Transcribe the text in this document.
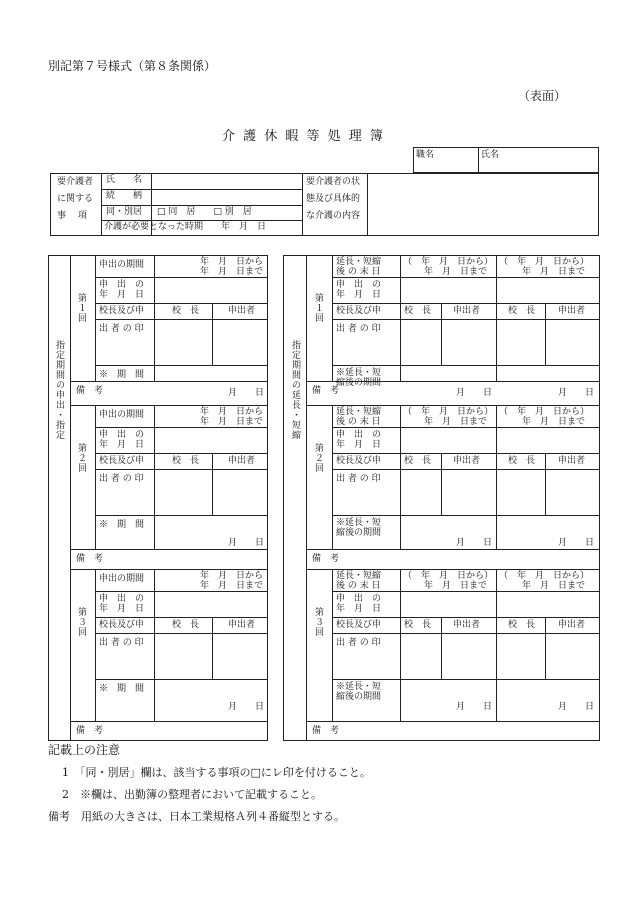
別記第７号様式（第８条関係）
（表面）
介 護 休 暇 等 処 理 簿
職名	氏名
要介護者
に関する
事　 項
氏　　名
続　　柄
同・別居 □ 同　居　　□ 別　居
介護が必要となった時期　　年　月　日
要介護者の状
態及び具体的
な介護の内容
指定期間の申出・指定	指定期間の延長・短縮
第１回
申出の期間	年　月　日から
年　月　日まで
申　出　の
年　月　日
校長及び申
出 者 の 印
校　長	申出者
※　期　間
月　　日
備　考
第１回
延長・短縮
後 の 末 日
（　年　月　日から）
年　月　日まで
（　年　月　日から）
年　月　日まで
申　出　の
年　月　日
校長及び申
出 者 の 印
校　長 申出者	校　長	申出者
※延長・短
縮後の期間
月　　日	月　　日
備　考
第２回
申出の期間	年　月　日から
年　月　日まで
申　出　の
年　月　日
校長及び申
出 者 の 印
校　長	申出者
※　期　間
月　　日
備　考
第２回
延長・短縮
後 の 末 日
（　年　月　日から）
年　月　日まで
（　年　月　日から）
年　月　日まで
申　出　の
年　月　日
校長及び申
出 者 の 印
校　長 申出者	校　長	申出者
※延長・短
縮後の期間
月　　日	月　　日
備　考
第３回
申出の期間	年　月　日から
年　月　日まで
申　出　の
年　月　日
校長及び申
出 者 の 印
校　長	申出者
※　期　間
月　　日
備　考
第３回
延長・短縮
後 の 末 日
（　年　月　日から）
年　月　日まで
（　年　月　日から）
年　月　日まで
申　出　の
年　月　日
校長及び申
出 者 の 印
校　長 申出者	校　長	申出者
※延長・短
縮後の期間
月　　日	月　　日
備　考
記載上の注意
1　「同・別居」欄は、該当する事項の□にレ印を付けること。
2　※欄は、出勤簿の整理者において記載すること。
備考　用紙の大きさは、日本工業規格Ａ列４番縦型とする。
